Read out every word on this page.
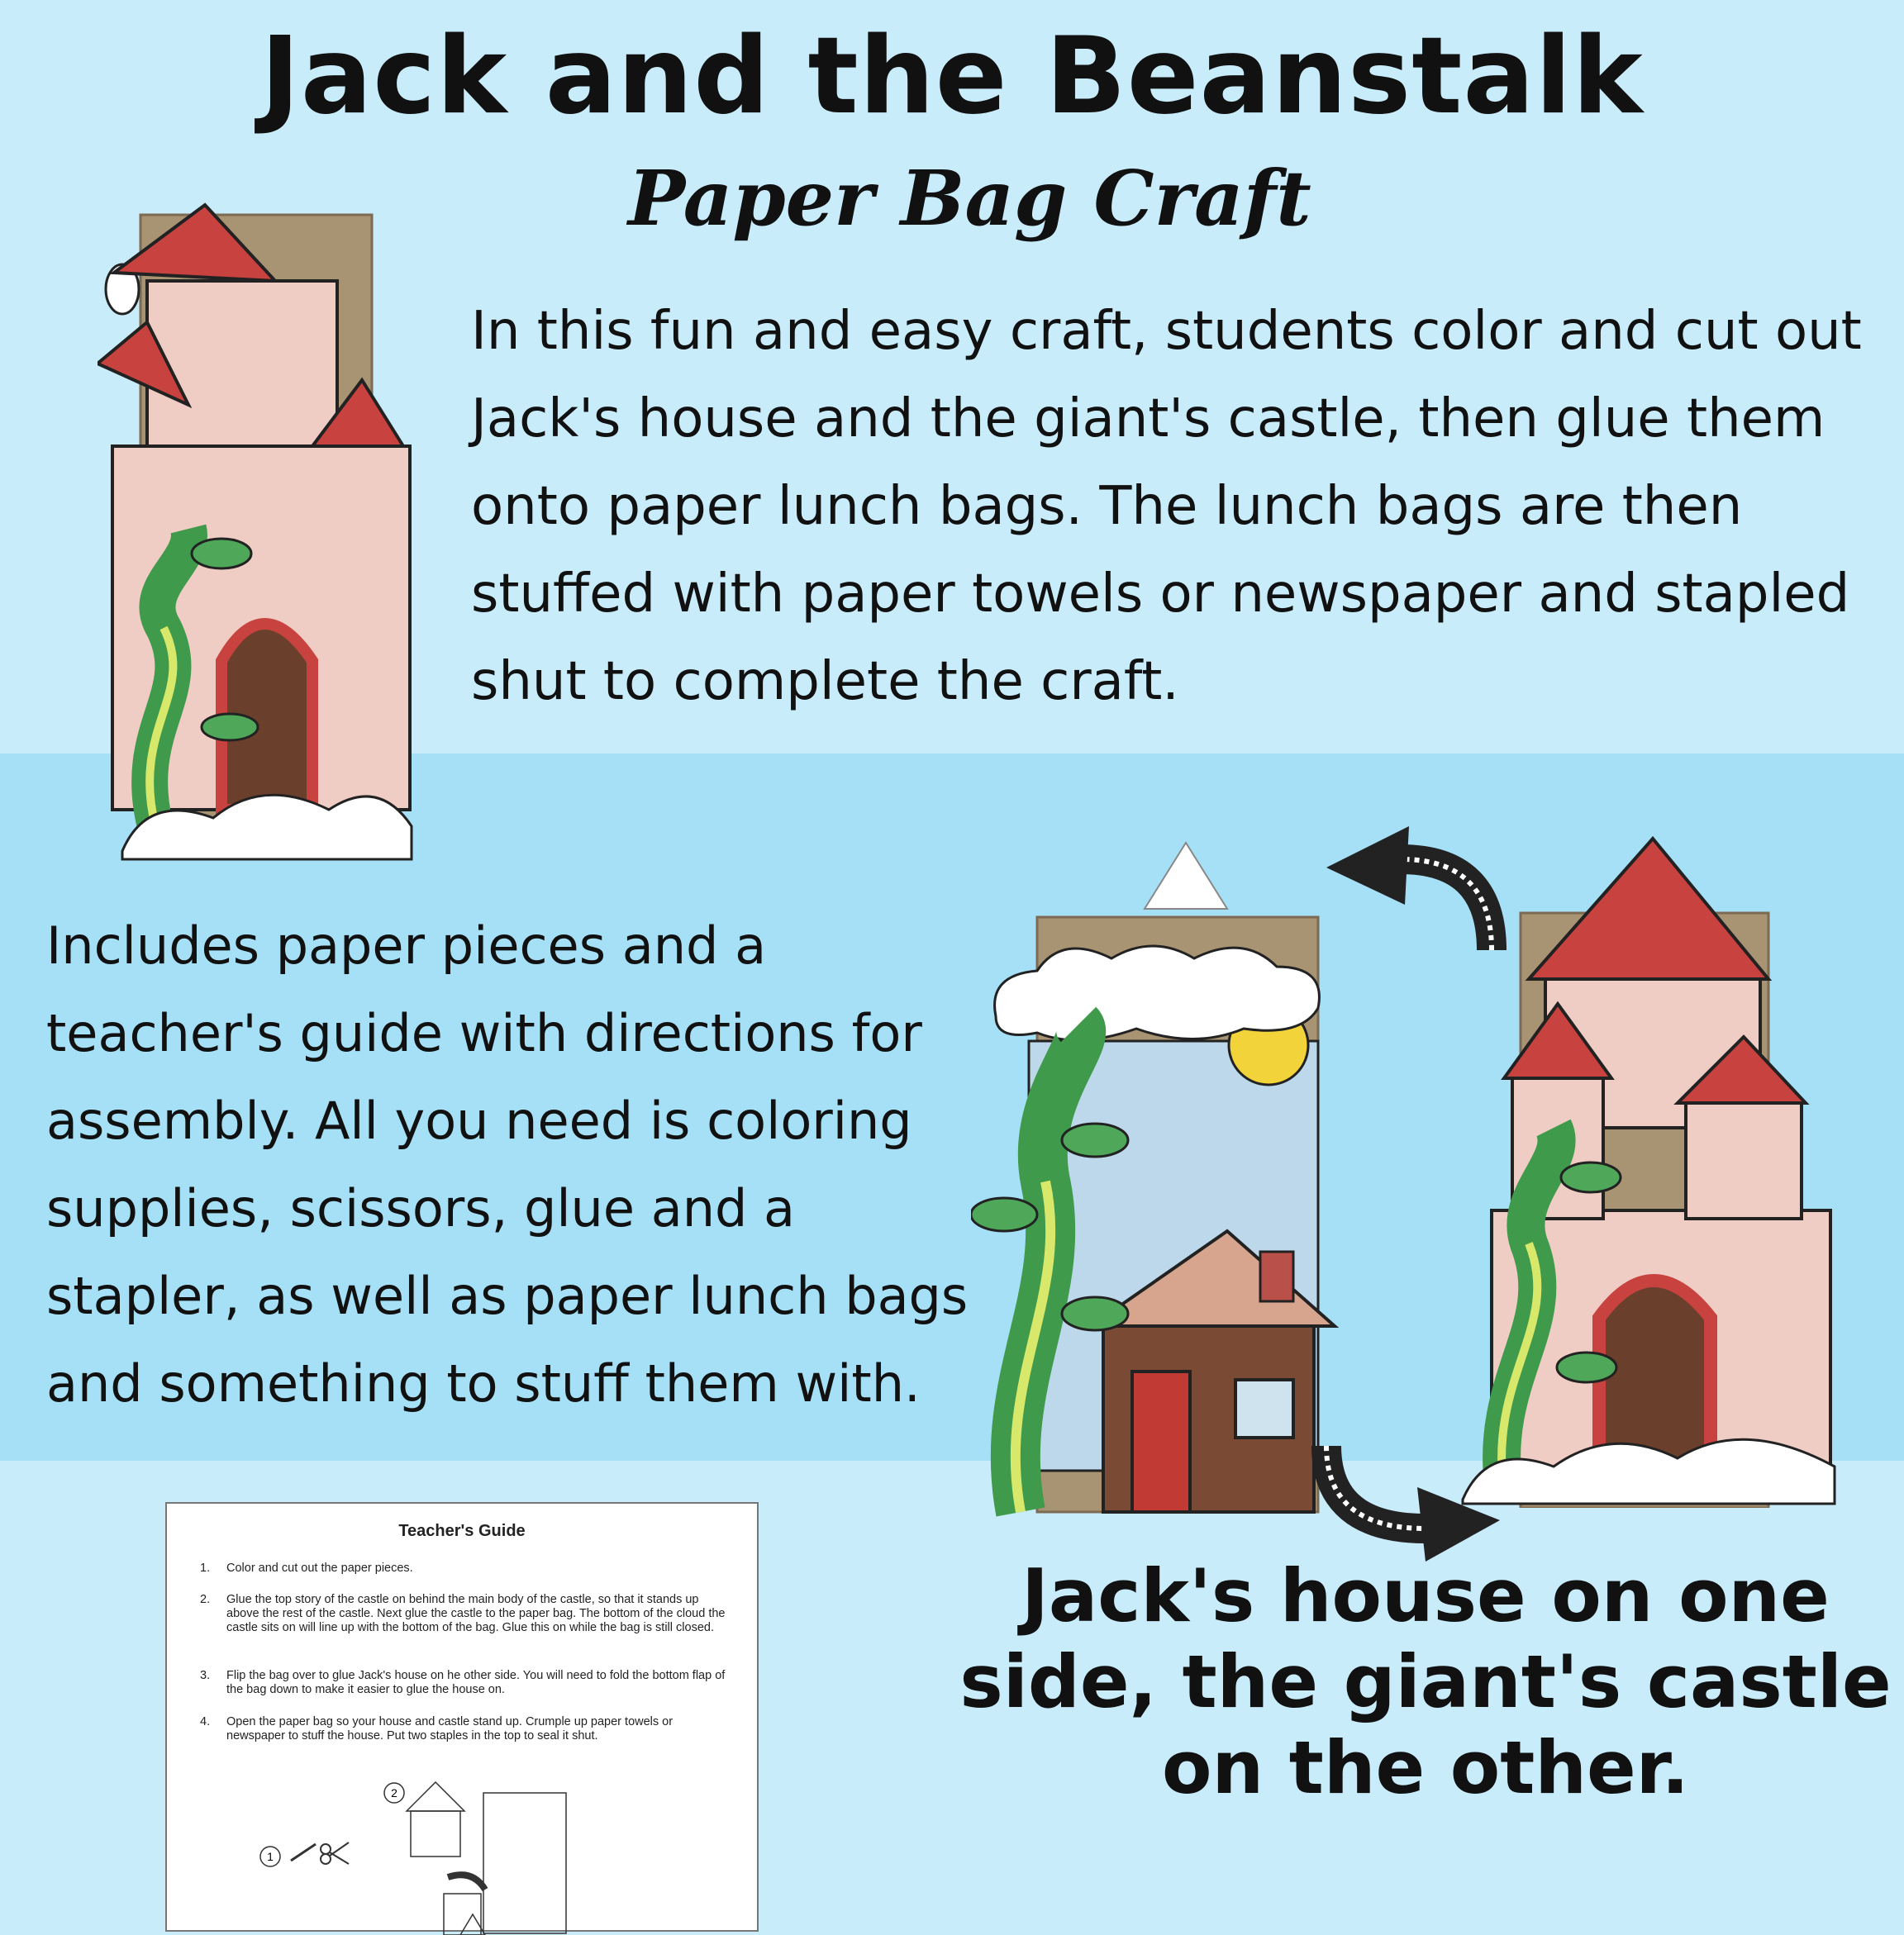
Jack and the Beanstalk
Paper Bag Craft

In this fun and easy craft, students color and cut out Jack's house and the giant's castle, then glue them onto paper lunch bags. The lunch bags are then stuffed with paper towels or newspaper and stapled shut to complete the craft.

Includes paper pieces and a teacher's guide with directions for assembly. All you need is coloring supplies, scissors, glue and a stapler, as well as paper lunch bags and something to stuff them with.

Jack's house on one side, the giant's castle on the other.

Teacher's Guide

1. Color and cut out the paper pieces.

2. Glue the top story of the castle on behind the main body of the castle, so that it stands up above the rest of the castle. Next glue the castle to the paper bag. The bottom of the cloud the castle sits on will line up with the bottom of the bag. Glue this on while the bag is still closed.

3. Flip the bag over to glue Jack's house on he other side. You will need to fold the bottom flap of the bag down to make it easier to glue the house on.

4. Open the paper bag so your house and castle stand up. Crumple up paper towels or newspaper to stuff the house. Put two staples in the top to seal it shut.

1
2
